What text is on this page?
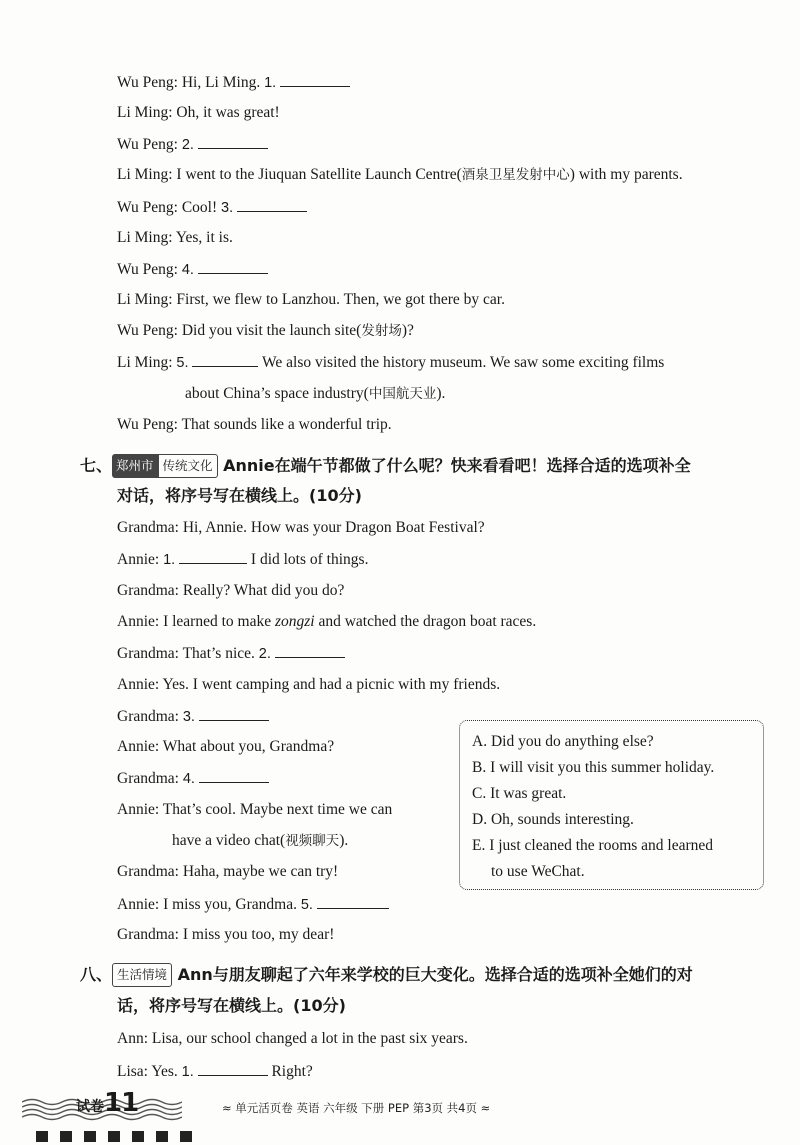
Wu Peng: Hi, Li Ming. 1.
Li Ming: Oh, it was great!
Wu Peng: 2.
Li Ming: I went to the Jiuquan Satellite Launch Centre(酒泉卫星发射中心) with my parents.
Wu Peng: Cool! 3.
Li Ming: Yes, it is.
Wu Peng: 4.
Li Ming: First, we flew to Lanzhou. Then, we got there by car.
Wu Peng: Did you visit the launch site(发射场)?
Li Ming: 5.	We also visited the history museum. We saw some exciting films
about China’s space industry(中国航天业).
Wu Peng: That sounds like a wonderful trip.
七、 郑州市 传统文化 Annie在端午节都做了什么呢？快来看看吧！选择合适的选项补全
对话，将序号写在横线上。(10分)
Grandma: Hi, Annie. How was your Dragon Boat Festival?
Annie: 1.	I did lots of things.
Grandma: Really? What did you do?
Annie: I learned to make zongzi and watched the dragon boat races.
Grandma: That’s nice. 2.
Annie: Yes. I went camping and had a picnic with my friends.
Grandma: 3.
Annie: What about you, Grandma?
Grandma: 4.
Annie: That’s cool. Maybe next time we can
have a video chat(视频聊天).
Grandma: Haha, maybe we can try!
Annie: I miss you, Grandma. 5.
Grandma: I miss you too, my dear!
A. Did you do anything else?
B. I will visit you this summer holiday.
C. It was great.
D. Oh, sounds interesting.
E. I just cleaned the rooms and learned
to use WeChat.
八、 生活情境 Ann与朋友聊起了六年来学校的巨大变化。选择合适的选项补全她们的对
话，将序号写在横线上。(10分)
Ann: Lisa, our school changed a lot in the past six years.
Lisa: Yes. 1.	Right?
试卷11	≈ 单元活页卷 英语 六年级 下册 PEP 第3页 共4页 ≈
